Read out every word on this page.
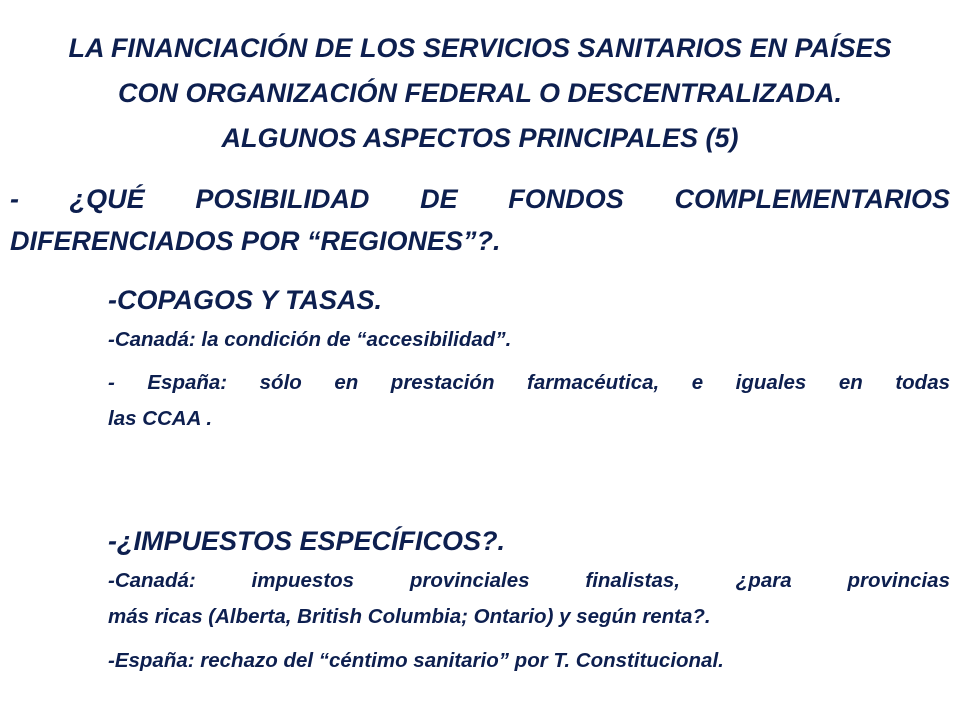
LA FINANCIACIÓN DE LOS SERVICIOS SANITARIOS EN PAÍSES
CON ORGANIZACIÓN FEDERAL O DESCENTRALIZADA.
ALGUNOS ASPECTOS PRINCIPALES (5)
- ¿QUÉ POSIBILIDAD DE FONDOS COMPLEMENTARIOS
DIFERENCIADOS POR “REGIONES”?.
-COPAGOS Y TASAS.
-Canadá: la condición de “accesibilidad”.
- España: sólo en prestación farmacéutica, e iguales en todas
las CCAA .
-¿IMPUESTOS ESPECÍFICOS?.
-Canadá: impuestos provinciales finalistas, ¿para provincias
más ricas (Alberta, British Columbia; Ontario) y según renta?.
-España: rechazo del “céntimo sanitario” por T. Constitucional.
